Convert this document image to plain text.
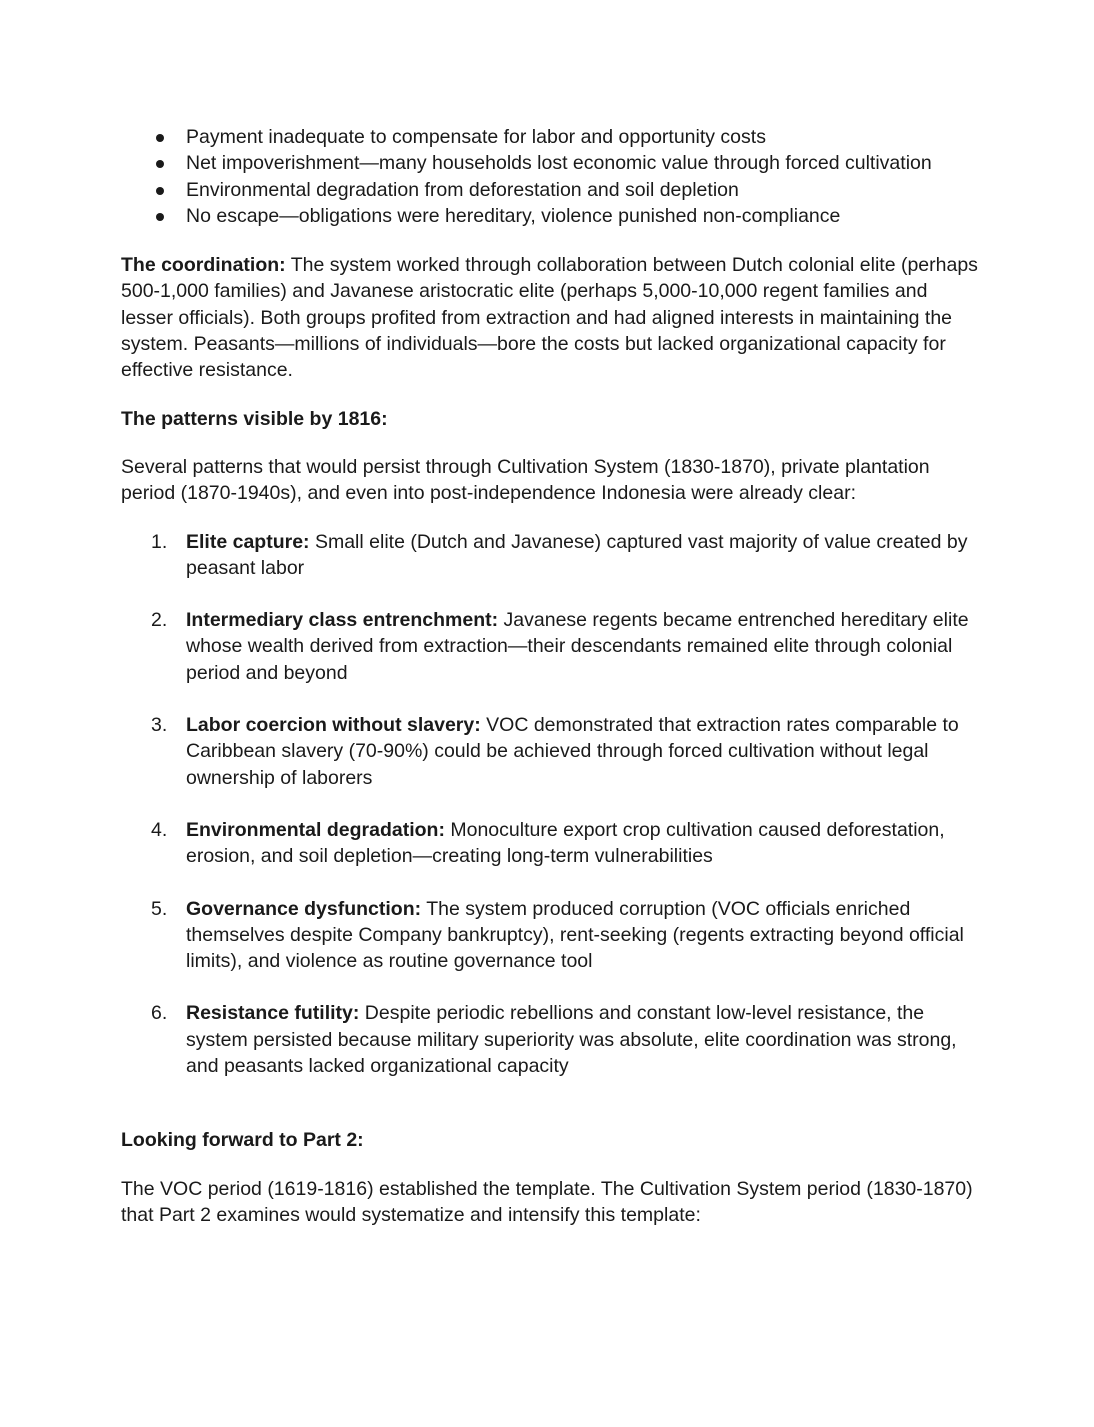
Payment inadequate to compensate for labor and opportunity costs
Net impoverishment—many households lost economic value through forced cultivation
Environmental degradation from deforestation and soil depletion
No escape—obligations were hereditary, violence punished non-compliance

The coordination: The system worked through collaboration between Dutch colonial elite (perhaps 500-1,000 families) and Javanese aristocratic elite (perhaps 5,000-10,000 regent families and lesser officials). Both groups profited from extraction and had aligned interests in maintaining the system. Peasants—millions of individuals—bore the costs but lacked organizational capacity for effective resistance.

The patterns visible by 1816:

Several patterns that would persist through Cultivation System (1830-1870), private plantation period (1870-1940s), and even into post-independence Indonesia were already clear:

1. Elite capture: Small elite (Dutch and Javanese) captured vast majority of value created by peasant labor
2. Intermediary class entrenchment: Javanese regents became entrenched hereditary elite whose wealth derived from extraction—their descendants remained elite through colonial period and beyond
3. Labor coercion without slavery: VOC demonstrated that extraction rates comparable to Caribbean slavery (70-90%) could be achieved through forced cultivation without legal ownership of laborers
4. Environmental degradation: Monoculture export crop cultivation caused deforestation, erosion, and soil depletion—creating long-term vulnerabilities
5. Governance dysfunction: The system produced corruption (VOC officials enriched themselves despite Company bankruptcy), rent-seeking (regents extracting beyond official limits), and violence as routine governance tool
6. Resistance futility: Despite periodic rebellions and constant low-level resistance, the system persisted because military superiority was absolute, elite coordination was strong, and peasants lacked organizational capacity

Looking forward to Part 2:

The VOC period (1619-1816) established the template. The Cultivation System period (1830-1870) that Part 2 examines would systematize and intensify this template:
